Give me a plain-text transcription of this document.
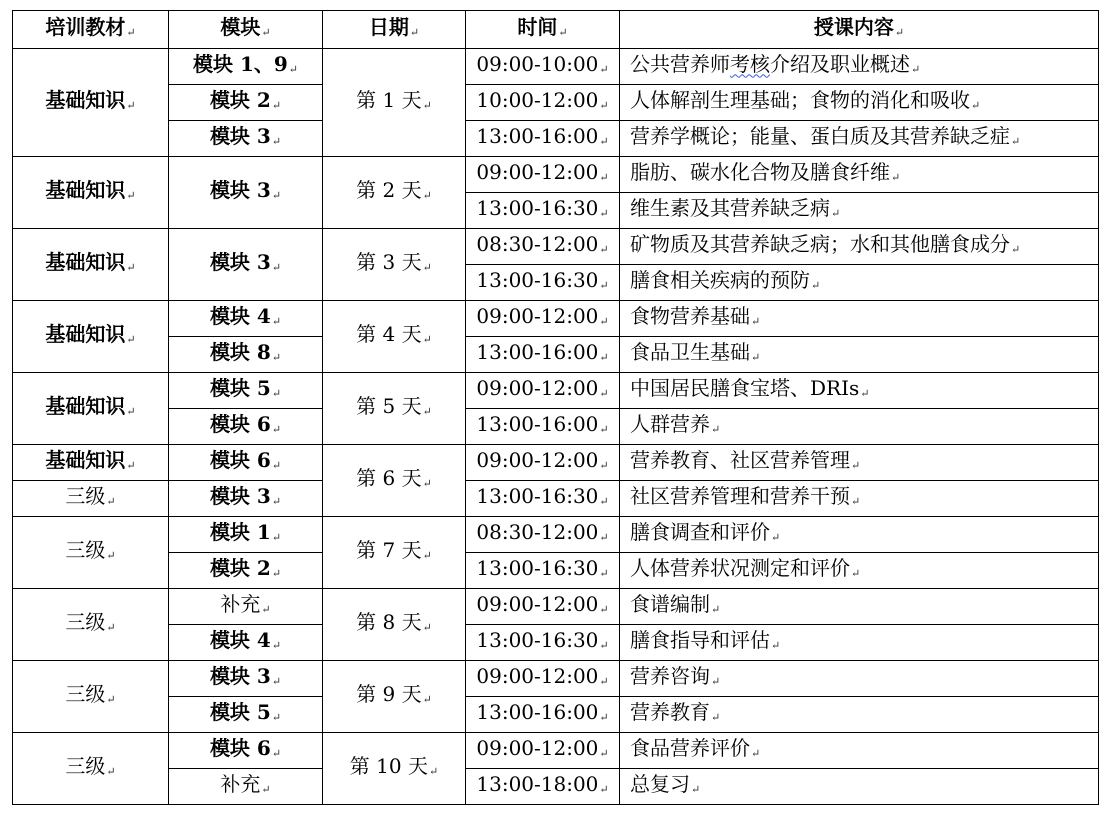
培训教材↵	模块↵	日期↵	时间↵	授课内容↵
基础知识↵	模块 1、9↵	第 1 天↵	09:00-10:00↵	公共营养师考核介绍及职业概述↵
	模块 2↵		10:00-12:00↵	人体解剖生理基础；食物的消化和吸收↵
	模块 3↵		13:00-16:00↵	营养学概论；能量、蛋白质及其营养缺乏症↵
基础知识↵	模块 3↵	第 2 天↵	09:00-12:00↵	脂肪、碳水化合物及膳食纤维↵
			13:00-16:30↵	维生素及其营养缺乏病↵
基础知识↵	模块 3↵	第 3 天↵	08:30-12:00↵	矿物质及其营养缺乏病；水和其他膳食成分↵
			13:00-16:30↵	膳食相关疾病的预防↵
基础知识↵	模块 4↵	第 4 天↵	09:00-12:00↵	食物营养基础↵
	模块 8↵		13:00-16:00↵	食品卫生基础↵
基础知识↵	模块 5↵	第 5 天↵	09:00-12:00↵	中国居民膳食宝塔、DRIs↵
	模块 6↵		13:00-16:00↵	人群营养↵
基础知识↵	模块 6↵	第 6 天↵	09:00-12:00↵	营养教育、社区营养管理↵
三级↵	模块 3↵		13:00-16:30↵	社区营养管理和营养干预↵
三级↵	模块 1↵	第 7 天↵	08:30-12:00↵	膳食调查和评价↵
	模块 2↵		13:00-16:30↵	人体营养状况测定和评价↵
三级↵	补充↵	第 8 天↵	09:00-12:00↵	食谱编制↵
	模块 4↵		13:00-16:30↵	膳食指导和评估↵
三级↵	模块 3↵	第 9 天↵	09:00-12:00↵	营养咨询↵
	模块 5↵		13:00-16:00↵	营养教育↵
三级↵	模块 6↵	第 10 天↵	09:00-12:00↵	食品营养评价↵
	补充↵		13:00-18:00↵	总复习↵
